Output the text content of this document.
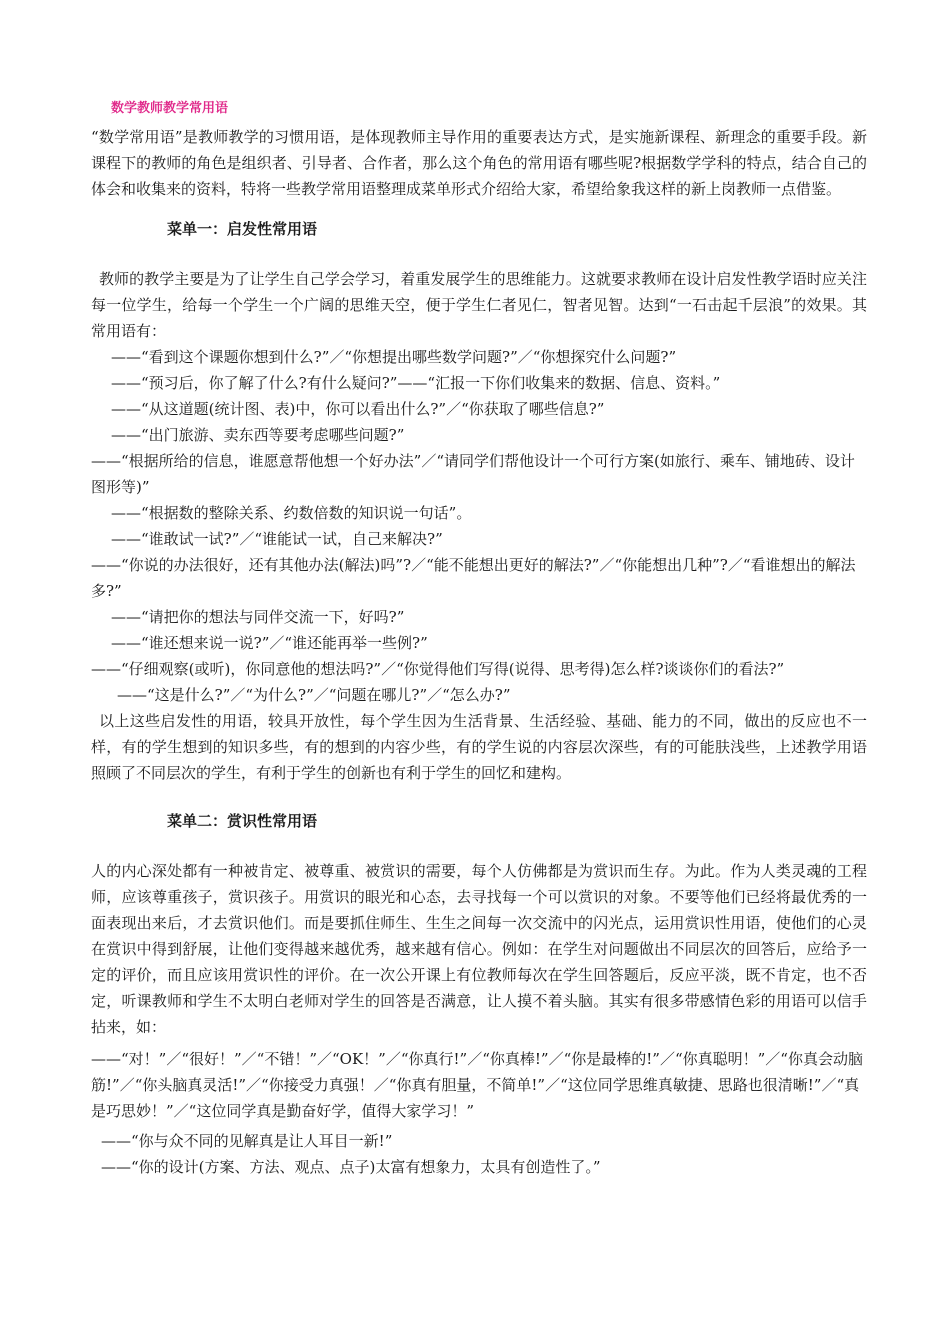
数学教师教学常用语

“数学常用语”是教师教学的习惯用语，是体现教师主导作用的重要表达方式，是实施新课程、新理念的重要手段。新课程下的教师的角色是组织者、引导者、合作者，那么这个角色的常用语有哪些呢?根据数学学科的特点，结合自己的体会和收集来的资料，特将一些教学常用语整理成菜单形式介绍给大家，希望给象我这样的新上岗教师一点借鉴。

菜单一：启发性常用语

教师的教学主要是为了让学生自己学会学习，着重发展学生的思维能力。这就要求教师在设计启发性教学语时应关注每一位学生，给每一个学生一个广阔的思维天空，便于学生仁者见仁，智者见智。达到“一石击起千层浪”的效果。其常用语有：

——“看到这个课题你想到什么?”／“你想提出哪些数学问题?”／“你想探究什么问题?”

——“预习后，你了解了什么?有什么疑问?”——“汇报一下你们收集来的数据、信息、资料。”

——“从这道题(统计图、表)中，你可以看出什么?”／“你获取了哪些信息?”

——“出门旅游、卖东西等要考虑哪些问题?”

——“根据所给的信息，谁愿意帮他想一个好办法”／“请同学们帮他设计一个可行方案(如旅行、乘车、铺地砖、设计图形等)”

——“根据数的整除关系、约数倍数的知识说一句话”。

——“谁敢试一试?”／“谁能试一试，自己来解决?”

——“你说的办法很好，还有其他办法(解法)吗”?／“能不能想出更好的解法?”／“你能想出几种”?／“看谁想出的解法多?”

——“请把你的想法与同伴交流一下，好吗?”

——“谁还想来说一说?”／“谁还能再举一些例?”

——“仔细观察(或听)，你同意他的想法吗?”／“你觉得他们写得(说得、思考得)怎么样?谈谈你们的看法?”

——“这是什么?”／“为什么?”／“问题在哪儿?”／“怎么办?”

以上这些启发性的用语，较具开放性，每个学生因为生活背景、生活经验、基础、能力的不同，做出的反应也不一样，有的学生想到的知识多些，有的想到的内容少些，有的学生说的内容层次深些，有的可能肤浅些，上述教学用语照顾了不同层次的学生，有利于学生的创新也有利于学生的回忆和建构。

菜单二：赏识性常用语

人的内心深处都有一种被肯定、被尊重、被赏识的需要，每个人仿佛都是为赏识而生存。为此。作为人类灵魂的工程师，应该尊重孩子，赏识孩子。用赏识的眼光和心态，去寻找每一个可以赏识的对象。不要等他们已经将最优秀的一面表现出来后，才去赏识他们。而是要抓住师生、生生之间每一次交流中的闪光点，运用赏识性用语，使他们的心灵在赏识中得到舒展，让他们变得越来越优秀，越来越有信心。例如：在学生对问题做出不同层次的回答后，应给予一定的评价，而且应该用赏识性的评价。在一次公开课上有位教师每次在学生回答题后，反应平淡，既不肯定，也不否定，听课教师和学生不太明白老师对学生的回答是否满意，让人摸不着头脑。其实有很多带感情色彩的用语可以信手拈来，如：

——“对！”／“很好！”／“不错！”／“OK！”／“你真行!”／“你真棒!”／“你是最棒的!”／“你真聪明！”／“你真会动脑筋!”／“你头脑真灵活!”／“你接受力真强！／“你真有胆量，不简单!”／“这位同学思维真敏捷、思路也很清晰!”／“真是巧思妙！”／“这位同学真是勤奋好学，值得大家学习！”

——“你与众不同的见解真是让人耳目一新!”

——“你的设计(方案、方法、观点、点子)太富有想象力，太具有创造性了。”
